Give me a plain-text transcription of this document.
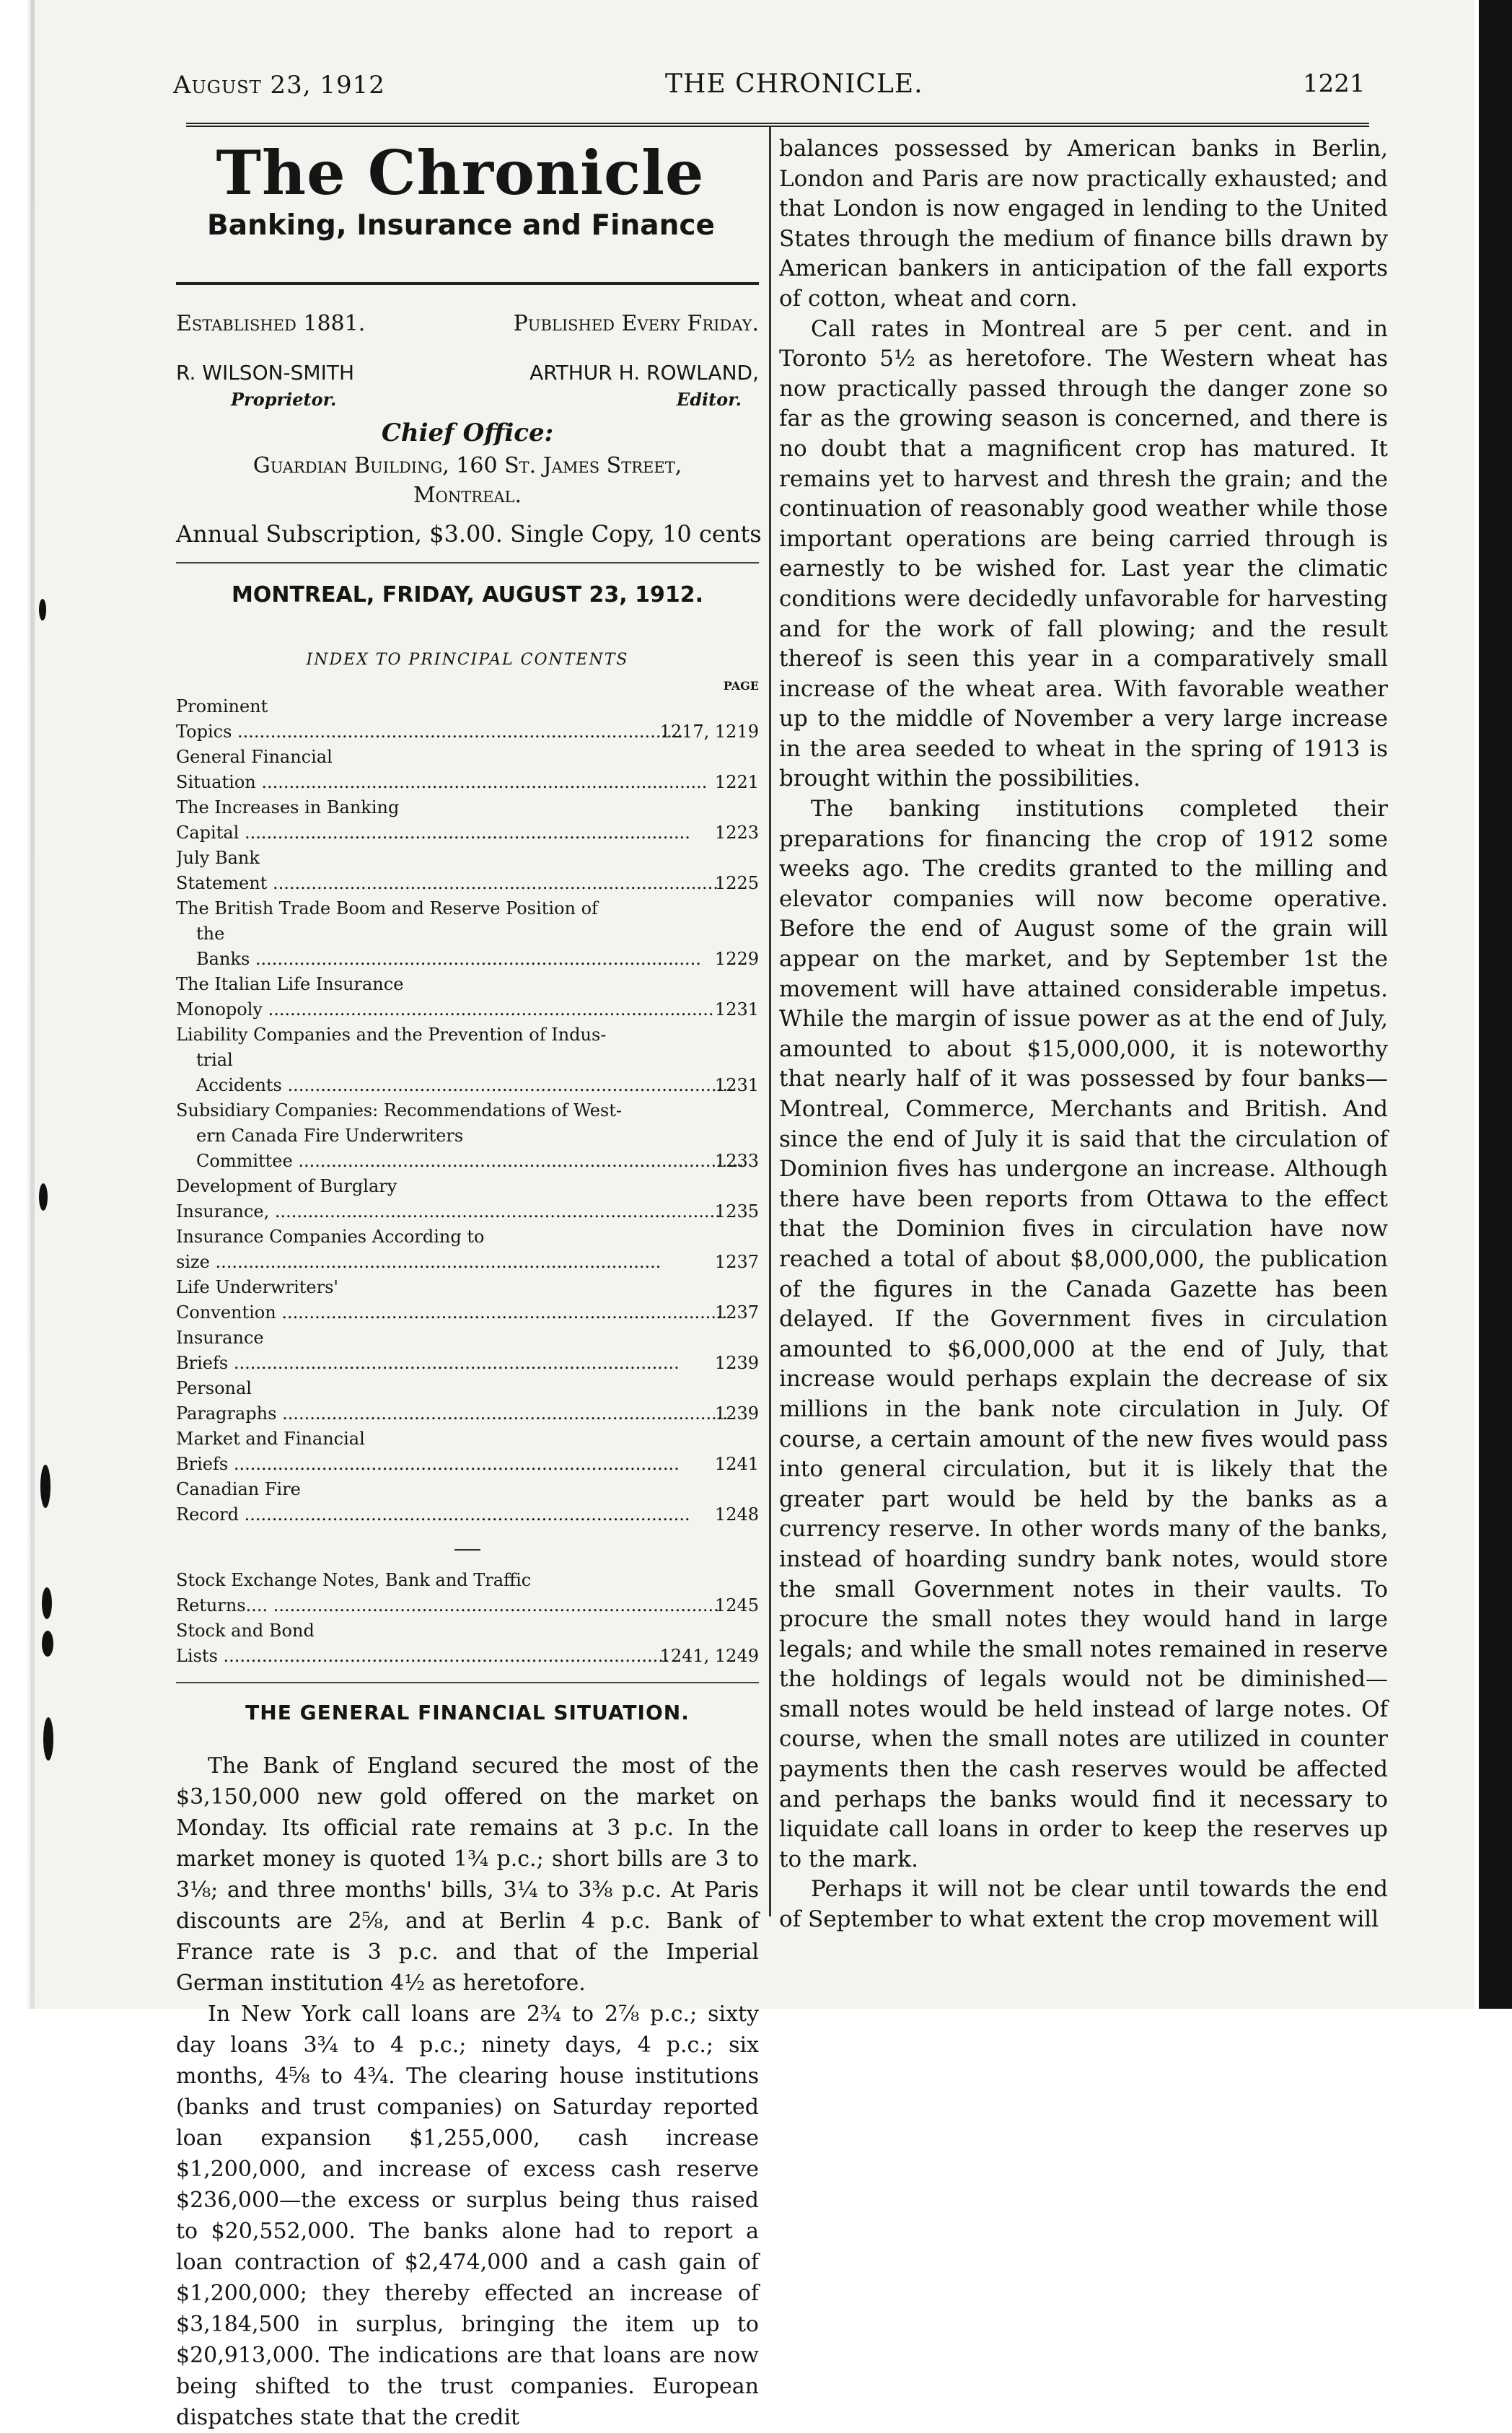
August 23, 1912	THE CHRONICLE.	1221
The Chronicle
Banking, Insurance and Finance
Established 1881.	Published Every Friday.
R. WILSON-SMITH	ARTHUR H. ROWLAND,
Proprietor.	Editor.
Chief Office:
Guardian Building, 160 St. James Street,
Montreal.
Annual Subscription, $3.00. Single Copy, 10 cents
MONTREAL, FRIDAY, AUGUST 23, 1912.
INDEX TO PRINCIPAL CONTENTS
PAGE
Prominent Topics .....	1217, 1219
General Financial Situation .....	1221
The Increases in Banking Capital .....	1223
July Bank Statement .....	1225
The British Trade Boom and Reserve Position of
the Banks .....	1229
The Italian Life Insurance Monopoly .....	1231
Liability Companies and the Prevention of Indus-
trial Accidents .....	1231
Subsidiary Companies: Recommendations of West-
ern Canada Fire Underwriters Committee .....	1233
Development of Burglary Insurance, .....	1235
Insurance Companies According to size .....	1237
Life Underwriters' Convention .....	1237
Insurance Briefs .....	1239
Personal Paragraphs .....	1239
Market and Financial Briefs .....	1241
Canadian Fire Record .....	1248
Stock Exchange Notes, Bank and Traffic Returns.... .....	1245
Stock and Bond Lists .....	1241, 1249
THE GENERAL FINANCIAL SITUATION.

The Bank of England secured the most of the $3,150,000 new gold offered on the market on Monday. Its official rate remains at 3 p.c. In the market money is quoted 1¾ p.c.; short bills are 3 to 3⅛; and three months' bills, 3¼ to 3⅜ p.c. At Paris discounts are 2⅝, and at Berlin 4 p.c. Bank of France rate is 3 p.c. and that of the Imperial German institution 4½ as heretofore.

In New York call loans are 2¾ to 2⅞ p.c.; sixty day loans 3¾ to 4 p.c.; ninety days, 4 p.c.; six months, 4⅝ to 4¾. The clearing house institutions (banks and trust companies) on Saturday reported loan expansion $1,255,000, cash increase $1,200,000, and increase of excess cash reserve $236,000—the excess or surplus being thus raised to $20,552,000. The banks alone had to report a loan contraction of $2,474,000 and a cash gain of $1,200,000; they thereby effected an increase of $3,184,500 in surplus, bringing the item up to $20,913,000. The indications are that loans are now being shifted to the trust companies. European dispatches state that the credit

balances possessed by American banks in Berlin, London and Paris are now practically exhausted; and that London is now engaged in lending to the United States through the medium of finance bills drawn by American bankers in anticipation of the fall exports of cotton, wheat and corn.

Call rates in Montreal are 5 per cent. and in Toronto 5½ as heretofore. The Western wheat has now practically passed through the danger zone so far as the growing season is concerned, and there is no doubt that a magnificent crop has matured. It remains yet to harvest and thresh the grain; and the continuation of reasonably good weather while those important operations are being carried through is earnestly to be wished for. Last year the climatic conditions were decidedly unfavorable for harvesting and for the work of fall plowing; and the result thereof is seen this year in a comparatively small increase of the wheat area. With favorable weather up to the middle of November a very large increase in the area seeded to wheat in the spring of 1913 is brought within the possibilities.

The banking institutions completed their preparations for financing the crop of 1912 some weeks ago. The credits granted to the milling and elevator companies will now become operative. Before the end of August some of the grain will appear on the market, and by September 1st the movement will have attained considerable impetus. While the margin of issue power as at the end of July, amounted to about $15,000,000, it is noteworthy that nearly half of it was possessed by four banks—Montreal, Commerce, Merchants and British. And since the end of July it is said that the circulation of Dominion fives has undergone an increase. Although there have been reports from Ottawa to the effect that the Dominion fives in circulation have now reached a total of about $8,000,000, the publication of the figures in the Canada Gazette has been delayed. If the Government fives in circulation amounted to $6,000,000 at the end of July, that increase would perhaps explain the decrease of six millions in the bank note circulation in July. Of course, a certain amount of the new fives would pass into general circulation, but it is likely that the greater part would be held by the banks as a currency reserve. In other words many of the banks, instead of hoarding sundry bank notes, would store the small Government notes in their vaults. To procure the small notes they would hand in large legals; and while the small notes remained in reserve the holdings of legals would not be diminished—small notes would be held instead of large notes. Of course, when the small notes are utilized in counter payments then the cash reserves would be affected and perhaps the banks would find it necessary to liquidate call loans in order to keep the reserves up to the mark.

Perhaps it will not be clear until towards the end of September to what extent the crop movement will
